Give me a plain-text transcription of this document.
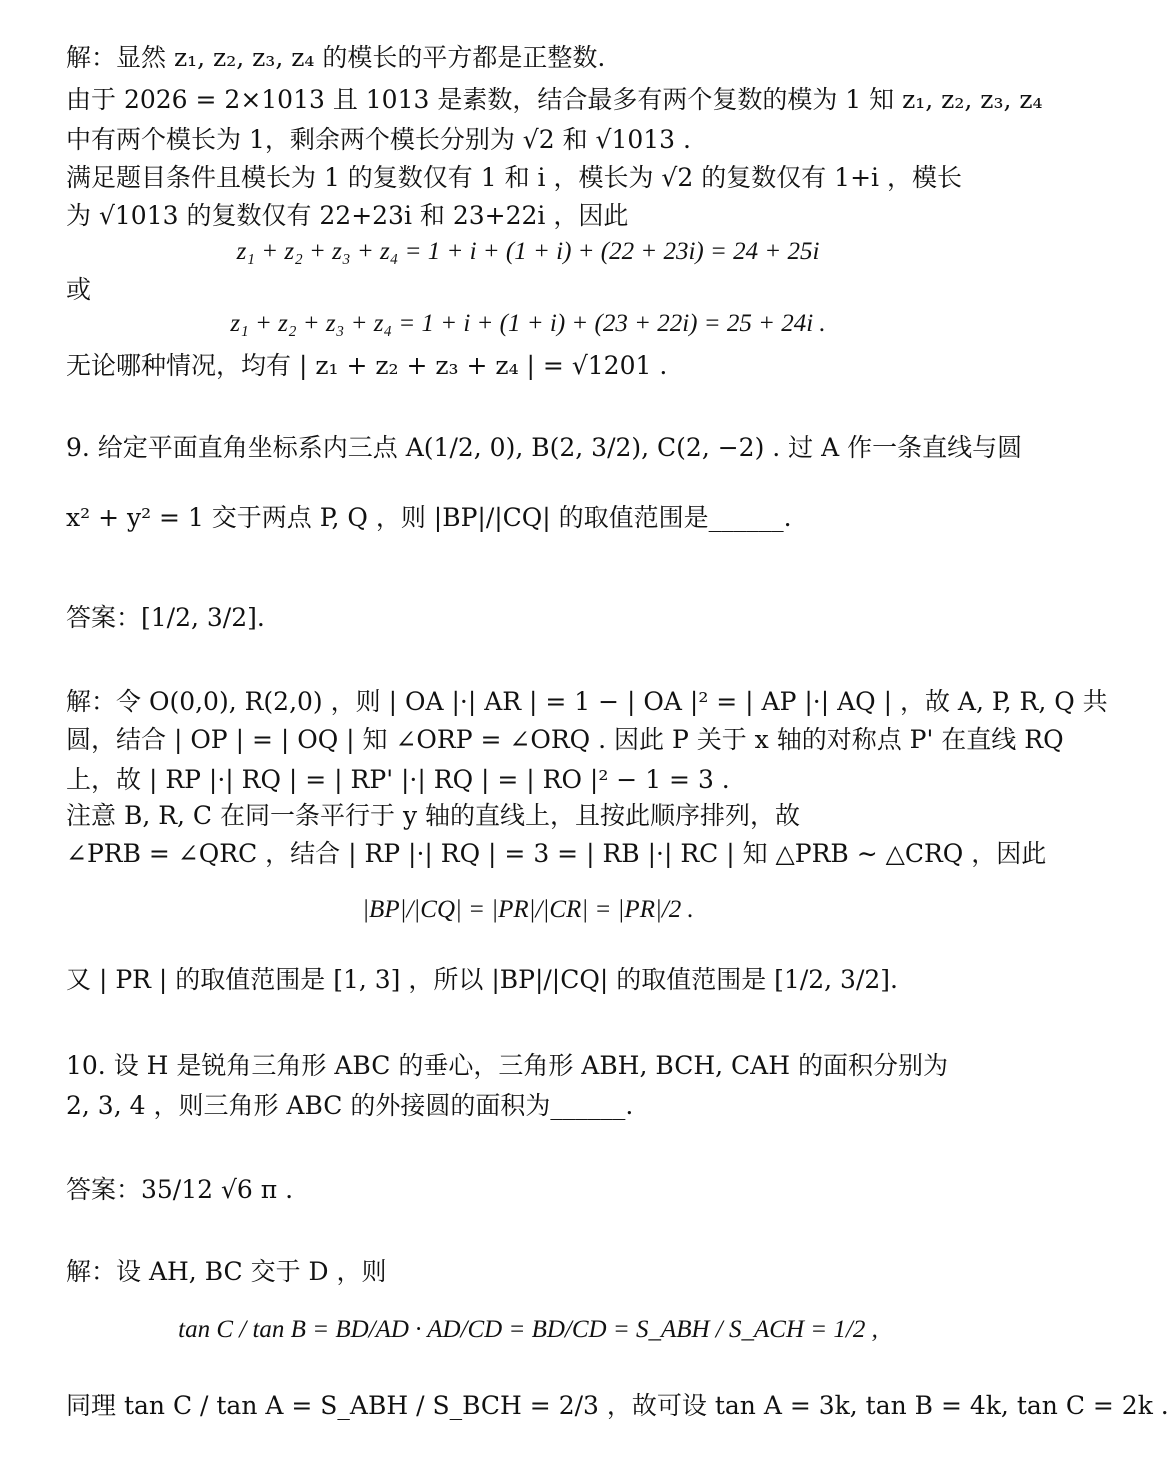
解：显然 z₁, z₂, z₃, z₄ 的模长的平方都是正整数.
由于 2026 = 2×1013 且 1013 是素数，结合最多有两个复数的模为 1 知 z₁, z₂, z₃, z₄
中有两个模长为 1，剩余两个模长分别为 √2 和 √1013 .
满足题目条件且模长为 1 的复数仅有 1 和 i ，模长为 √2 的复数仅有 1+i ，模长
为 √1013 的复数仅有 22+23i 和 23+22i ，因此
z₁ + z₂ + z₃ + z₄ = 1 + i + (1 + i) + (22 + 23i) = 24 + 25i
或
z₁ + z₂ + z₃ + z₄ = 1 + i + (1 + i) + (23 + 22i) = 25 + 24i .
无论哪种情况，均有 | z₁ + z₂ + z₃ + z₄ | = √1201 .
9. 给定平面直角坐标系内三点 A(1/2, 0), B(2, 3/2), C(2, −2) . 过 A 作一条直线与圆
x² + y² = 1 交于两点 P, Q ，则 |BP|/|CQ| 的取值范围是______.
答案：[1/2, 3/2].
解：令 O(0,0), R(2,0) ，则 | OA |·| AR | = 1 − | OA |² = | AP |·| AQ | ，故 A, P, R, Q 共
圆，结合 | OP | = | OQ | 知 ∠ORP = ∠ORQ . 因此 P 关于 x 轴的对称点 P' 在直线 RQ
上，故 | RP |·| RQ | = | RP' |·| RQ | = | RO |² − 1 = 3 .
注意 B, R, C 在同一条平行于 y 轴的直线上，且按此顺序排列，故
∠PRB = ∠QRC ，结合 | RP |·| RQ | = 3 = | RB |·| RC | 知 △PRB ∼ △CRQ ，因此
|BP|/|CQ| = |PR|/|CR| = |PR|/2 .
又 | PR | 的取值范围是 [1, 3] ，所以 |BP|/|CQ| 的取值范围是 [1/2, 3/2].
10. 设 H 是锐角三角形 ABC 的垂心，三角形 ABH, BCH, CAH 的面积分别为
2, 3, 4 ，则三角形 ABC 的外接圆的面积为______.
答案：35/12 √6 π .
解：设 AH, BC 交于 D ，则
tan C / tan B = BD/AD · AD/CD = BD/CD = S_ABH / S_ACH = 1/2 ,
同理 tan C / tan A = S_ABH / S_BCH = 2/3 ，故可设 tan A = 3k, tan B = 4k, tan C = 2k .
